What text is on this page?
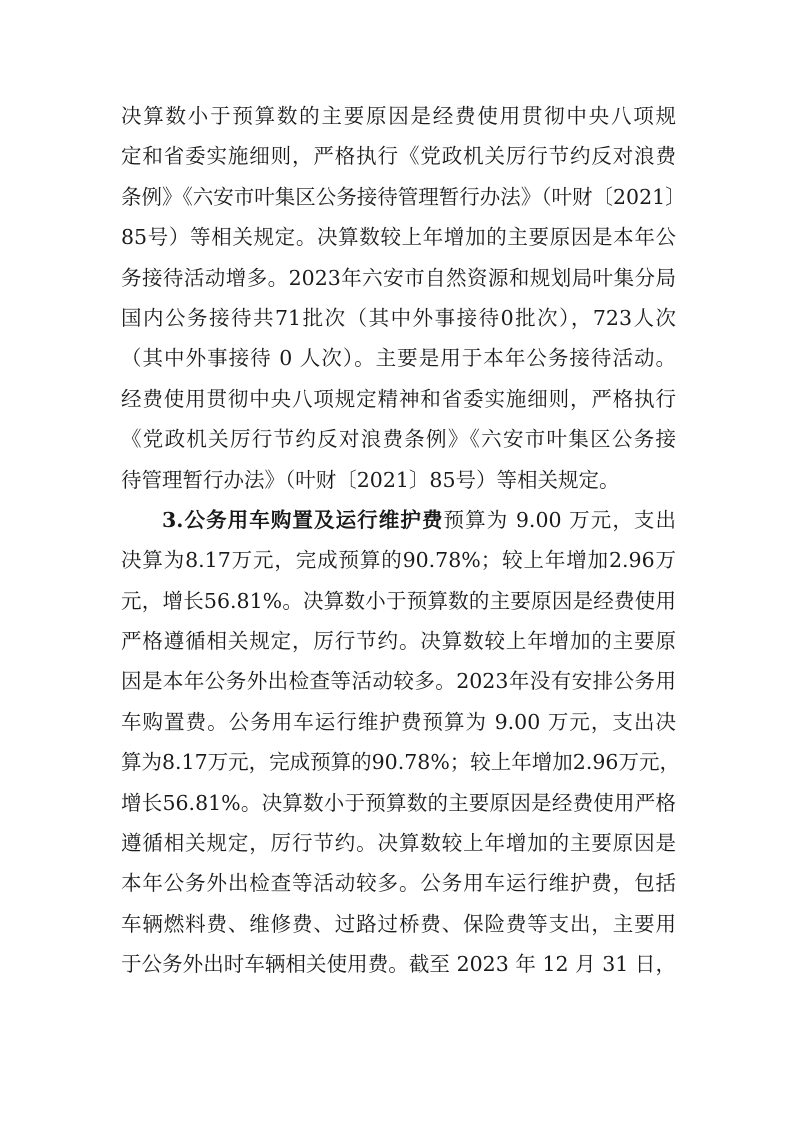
决算数小于预算数的主要原因是经费使用贯彻中央八项规
定和省委实施细则，严格执行《党政机关厉行节约反对浪费
条例》《六安市叶集区公务接待管理暂行办法》（叶财〔2021〕
85号）等相关规定。决算数较上年增加的主要原因是本年公
务接待活动增多。2023年六安市自然资源和规划局叶集分局
国内公务接待共71批次（其中外事接待0批次），723人次
（其中外事接待 0 人次）。主要是用于本年公务接待活动。
经费使用贯彻中央八项规定精神和省委实施细则，严格执行
《党政机关厉行节约反对浪费条例》《六安市叶集区公务接
待管理暂行办法》（叶财〔2021〕85号）等相关规定。
3.公务用车购置及运行维护费预算为 9.00 万元，支出
决算为8.17万元，完成预算的90.78%；较上年增加2.96万
元，增长56.81%。决算数小于预算数的主要原因是经费使用
严格遵循相关规定，厉行节约。决算数较上年增加的主要原
因是本年公务外出检查等活动较多。2023年没有安排公务用
车购置费。公务用车运行维护费预算为 9.00 万元，支出决
算为8.17万元，完成预算的90.78%；较上年增加2.96万元，
增长56.81%。决算数小于预算数的主要原因是经费使用严格
遵循相关规定，厉行节约。决算数较上年增加的主要原因是
本年公务外出检查等活动较多。公务用车运行维护费，包括
车辆燃料费、维修费、过路过桥费、保险费等支出，主要用
于公务外出时车辆相关使用费。截至 2023 年 12 月 31 日，
